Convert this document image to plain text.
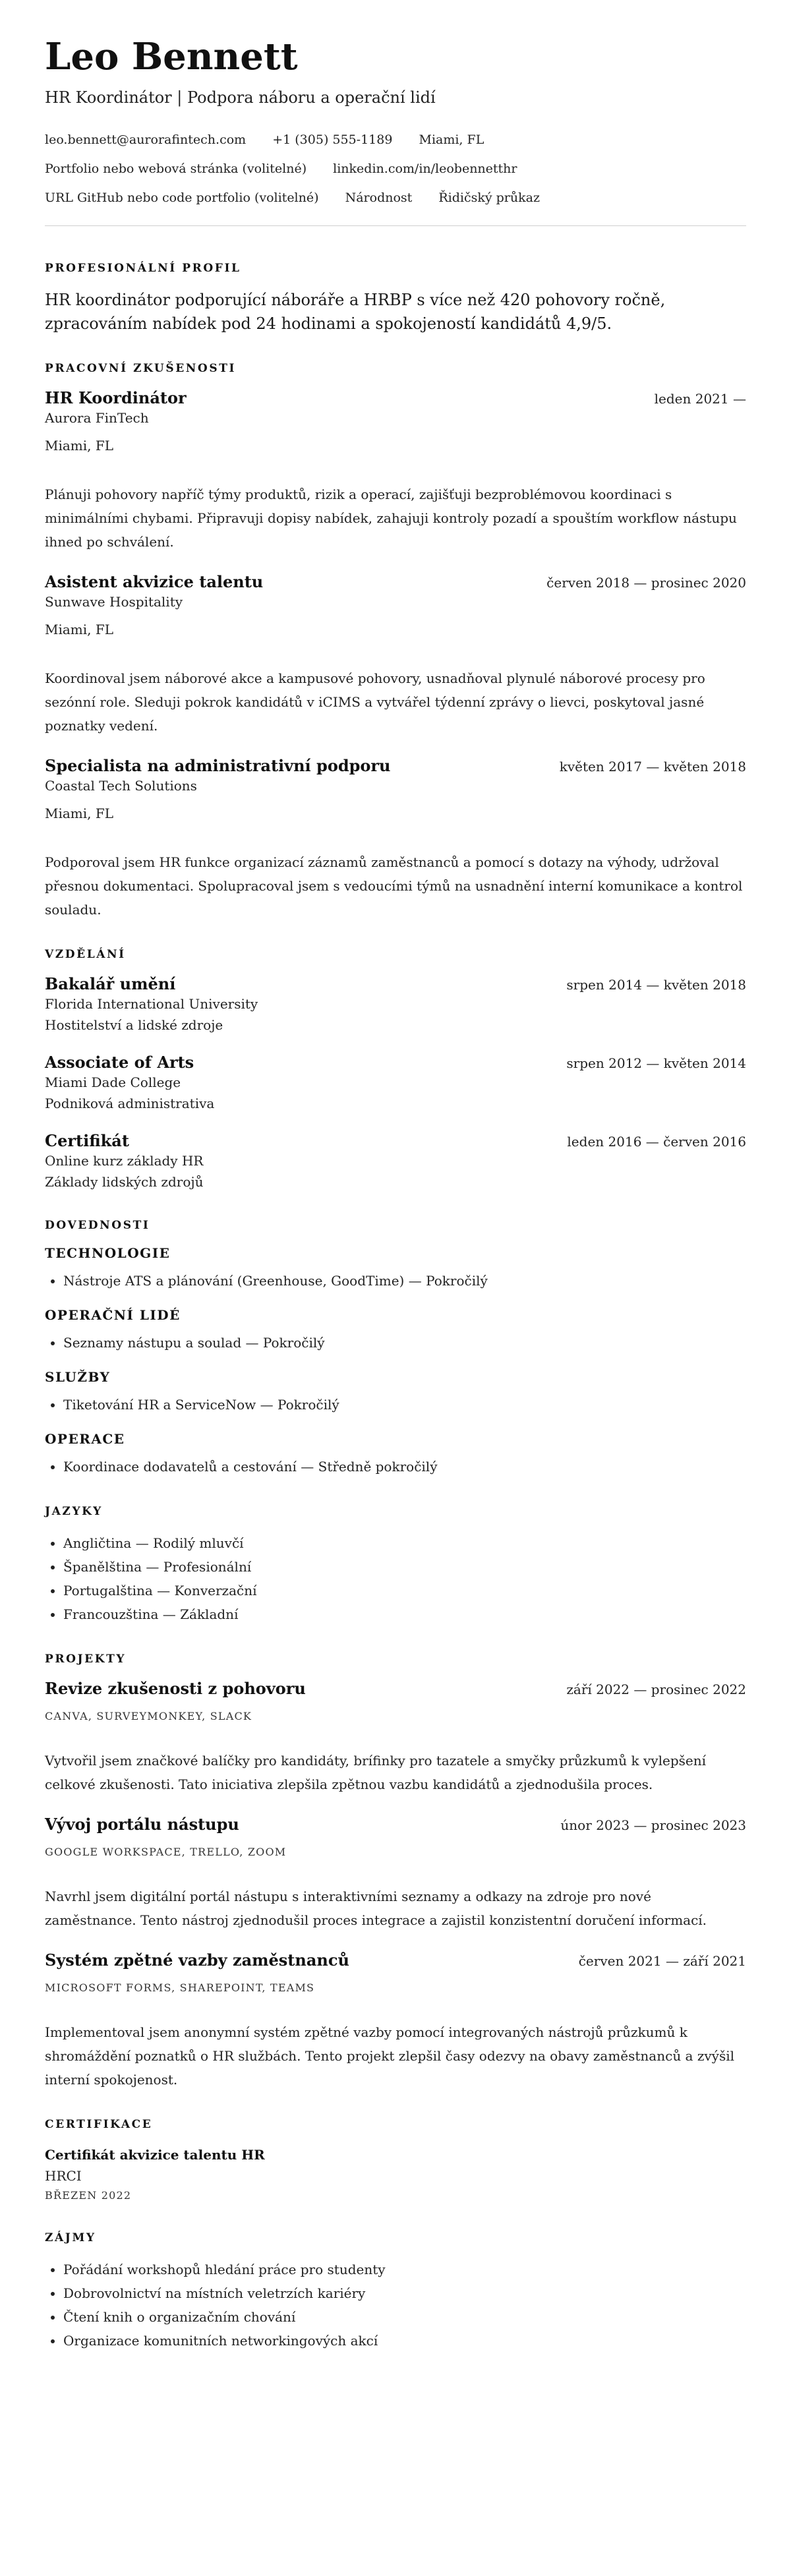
Leo Bennett
HR Koordinátor | Podpora náboru a operační lidí
leo.bennett@aurorafintech.com +1 (305) 555-1189 Miami, FL
Portfolio nebo webová stránka (volitelné) linkedin.com/in/leobennetthr
URL GitHub nebo code portfolio (volitelné) Národnost Řidičský průkaz
PROFESIONÁLNÍ PROFIL

HR koordinátor podporující náboráře a HRBP s více než 420 pohovory ročně, zpracováním nabídek pod 24 hodinami a spokojeností kandidátů 4,9/5.

PRACOVNÍ ZKUŠENOSTI
HR Koordinátor	leden 2021 —
Aurora FinTech
Miami, FL
Plánuji pohovory napříč týmy produktů, rizik a operací, zajišťuji bezproblémovou koordinaci s minimálními chybami. Připravuji dopisy nabídek, zahajuji kontroly pozadí a spouštím workflow nástupu ihned po schválení.
Asistent akvizice talentu	červen 2018 — prosinec 2020
Sunwave Hospitality
Miami, FL
Koordinoval jsem náborové akce a kampusové pohovory, usnadňoval plynulé náborové procesy pro sezónní role. Sleduji pokrok kandidátů v iCIMS a vytvářel týdenní zprávy o lievci, poskytoval jasné poznatky vedení.
Specialista na administrativní podporu	květen 2017 — květen 2018
Coastal Tech Solutions
Miami, FL
Podporoval jsem HR funkce organizací záznamů zaměstnanců a pomocí s dotazy na výhody, udržoval přesnou dokumentaci. Spolupracoval jsem s vedoucími týmů na usnadnění interní komunikace a kontrol souladu.
VZDĚLÁNÍ
Bakalář umění	srpen 2014 — květen 2018
Florida International University
Hostitelství a lidské zdroje
Associate of Arts	srpen 2012 — květen 2014
Miami Dade College
Podniková administrativa
Certifikát	leden 2016 — červen 2016
Online kurz základy HR
Základy lidských zdrojů
DOVEDNOSTI
TECHNOLOGIE
• Nástroje ATS a plánování (Greenhouse, GoodTime) — Pokročilý
OPERAČNÍ LIDÉ
• Seznamy nástupu a soulad — Pokročilý
SLUŽBY
• Tiketování HR a ServiceNow — Pokročilý
OPERACE
• Koordinace dodavatelů a cestování — Středně pokročilý
JAZYKY
• Angličtina — Rodilý mluvčí
• Španělština — Profesionální
• Portugalština — Konverzační
• Francouzština — Základní
PROJEKTY
Revize zkušenosti z pohovoru	září 2022 — prosinec 2022
CANVA, SURVEYMONKEY, SLACK
Vytvořil jsem značkové balíčky pro kandidáty, brífinky pro tazatele a smyčky průzkumů k vylepšení celkové zkušenosti. Tato iniciativa zlepšila zpětnou vazbu kandidátů a zjednodušila proces.
Vývoj portálu nástupu	únor 2023 — prosinec 2023
GOOGLE WORKSPACE, TRELLO, ZOOM
Navrhl jsem digitální portál nástupu s interaktivními seznamy a odkazy na zdroje pro nové zaměstnance. Tento nástroj zjednodušil proces integrace a zajistil konzistentní doručení informací.
Systém zpětné vazby zaměstnanců	červen 2021 — září 2021
MICROSOFT FORMS, SHAREPOINT, TEAMS
Implementoval jsem anonymní systém zpětné vazby pomocí integrovaných nástrojů průzkumů k shromáždění poznatků o HR službách. Tento projekt zlepšil časy odezvy na obavy zaměstnanců a zvýšil interní spokojenost.
CERTIFIKACE
Certifikát akvizice talentu HR
HRCI
BŘEZEN 2022
ZÁJMY
• Pořádání workshopů hledání práce pro studenty
• Dobrovolnictví na místních veletrzích kariéry
• Čtení knih o organizačním chování
• Organizace komunitních networkingových akcí
